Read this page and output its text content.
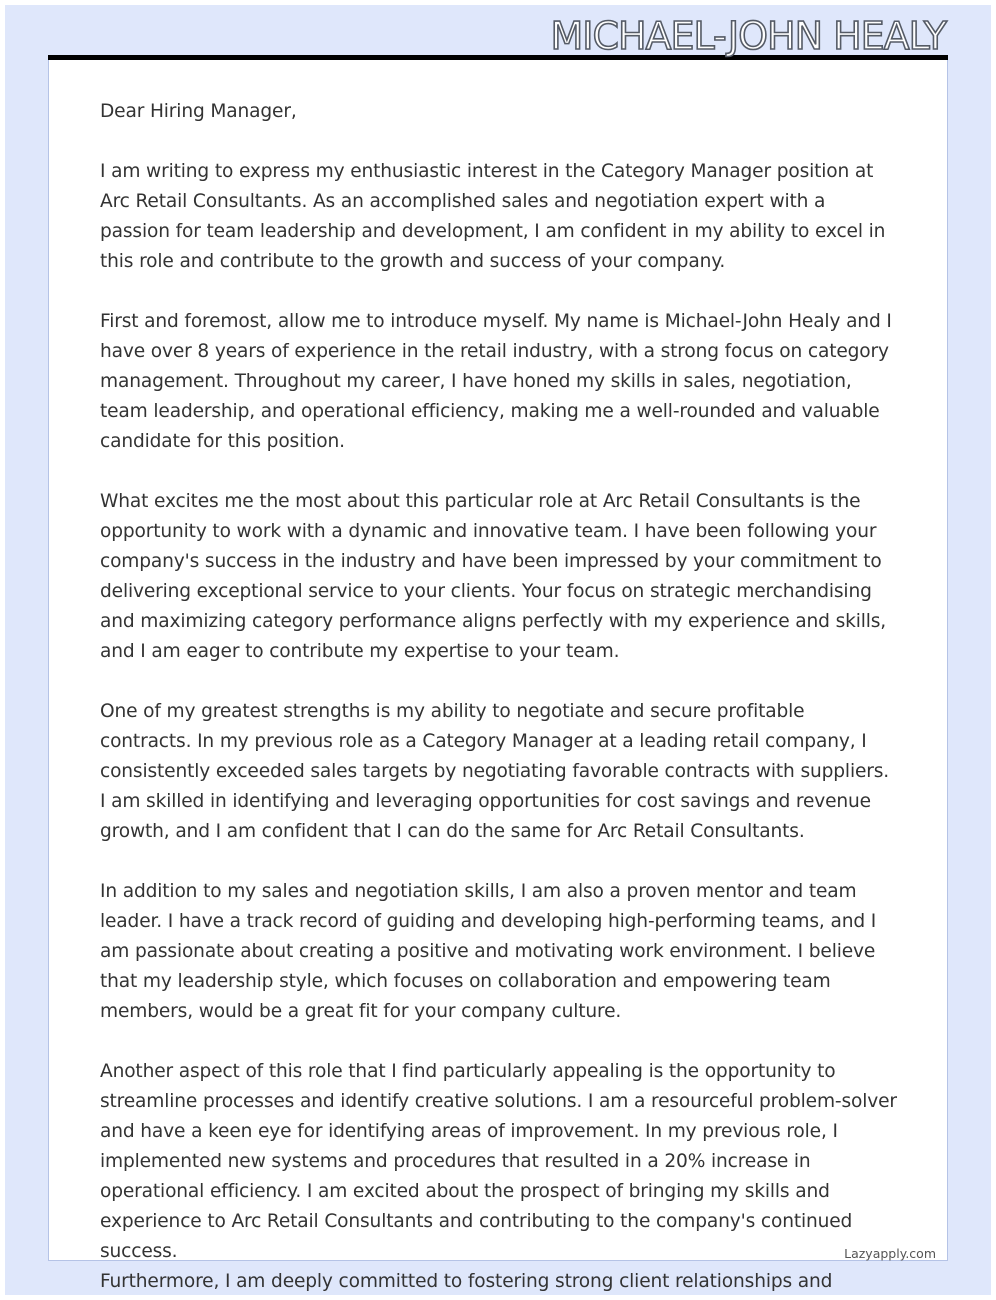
MICHAEL-JOHN HEALY

Dear Hiring Manager,

I am writing to express my enthusiastic interest in the Category Manager position at Arc Retail Consultants. As an accomplished sales and negotiation expert with a passion for team leadership and development, I am confident in my ability to excel in this role and contribute to the growth and success of your company.

First and foremost, allow me to introduce myself. My name is Michael-John Healy and I have over 8 years of experience in the retail industry, with a strong focus on category management. Throughout my career, I have honed my skills in sales, negotiation, team leadership, and operational efficiency, making me a well-rounded and valuable candidate for this position.

What excites me the most about this particular role at Arc Retail Consultants is the opportunity to work with a dynamic and innovative team. I have been following your company's success in the industry and have been impressed by your commitment to delivering exceptional service to your clients. Your focus on strategic merchandising and maximizing category performance aligns perfectly with my experience and skills, and I am eager to contribute my expertise to your team.

One of my greatest strengths is my ability to negotiate and secure profitable contracts. In my previous role as a Category Manager at a leading retail company, I consistently exceeded sales targets by negotiating favorable contracts with suppliers. I am skilled in identifying and leveraging opportunities for cost savings and revenue growth, and I am confident that I can do the same for Arc Retail Consultants.

In addition to my sales and negotiation skills, I am also a proven mentor and team leader. I have a track record of guiding and developing high-performing teams, and I am passionate about creating a positive and motivating work environment. I believe that my leadership style, which focuses on collaboration and empowering team members, would be a great fit for your company culture.

Another aspect of this role that I find particularly appealing is the opportunity to streamline processes and identify creative solutions. I am a resourceful problem-solver and have a keen eye for identifying areas of improvement. In my previous role, I implemented new systems and procedures that resulted in a 20% increase in operational efficiency. I am excited about the prospect of bringing my skills and experience to Arc Retail Consultants and contributing to the company's continued success.	Lazyapply.com
Furthermore, I am deeply committed to fostering strong client relationships and
